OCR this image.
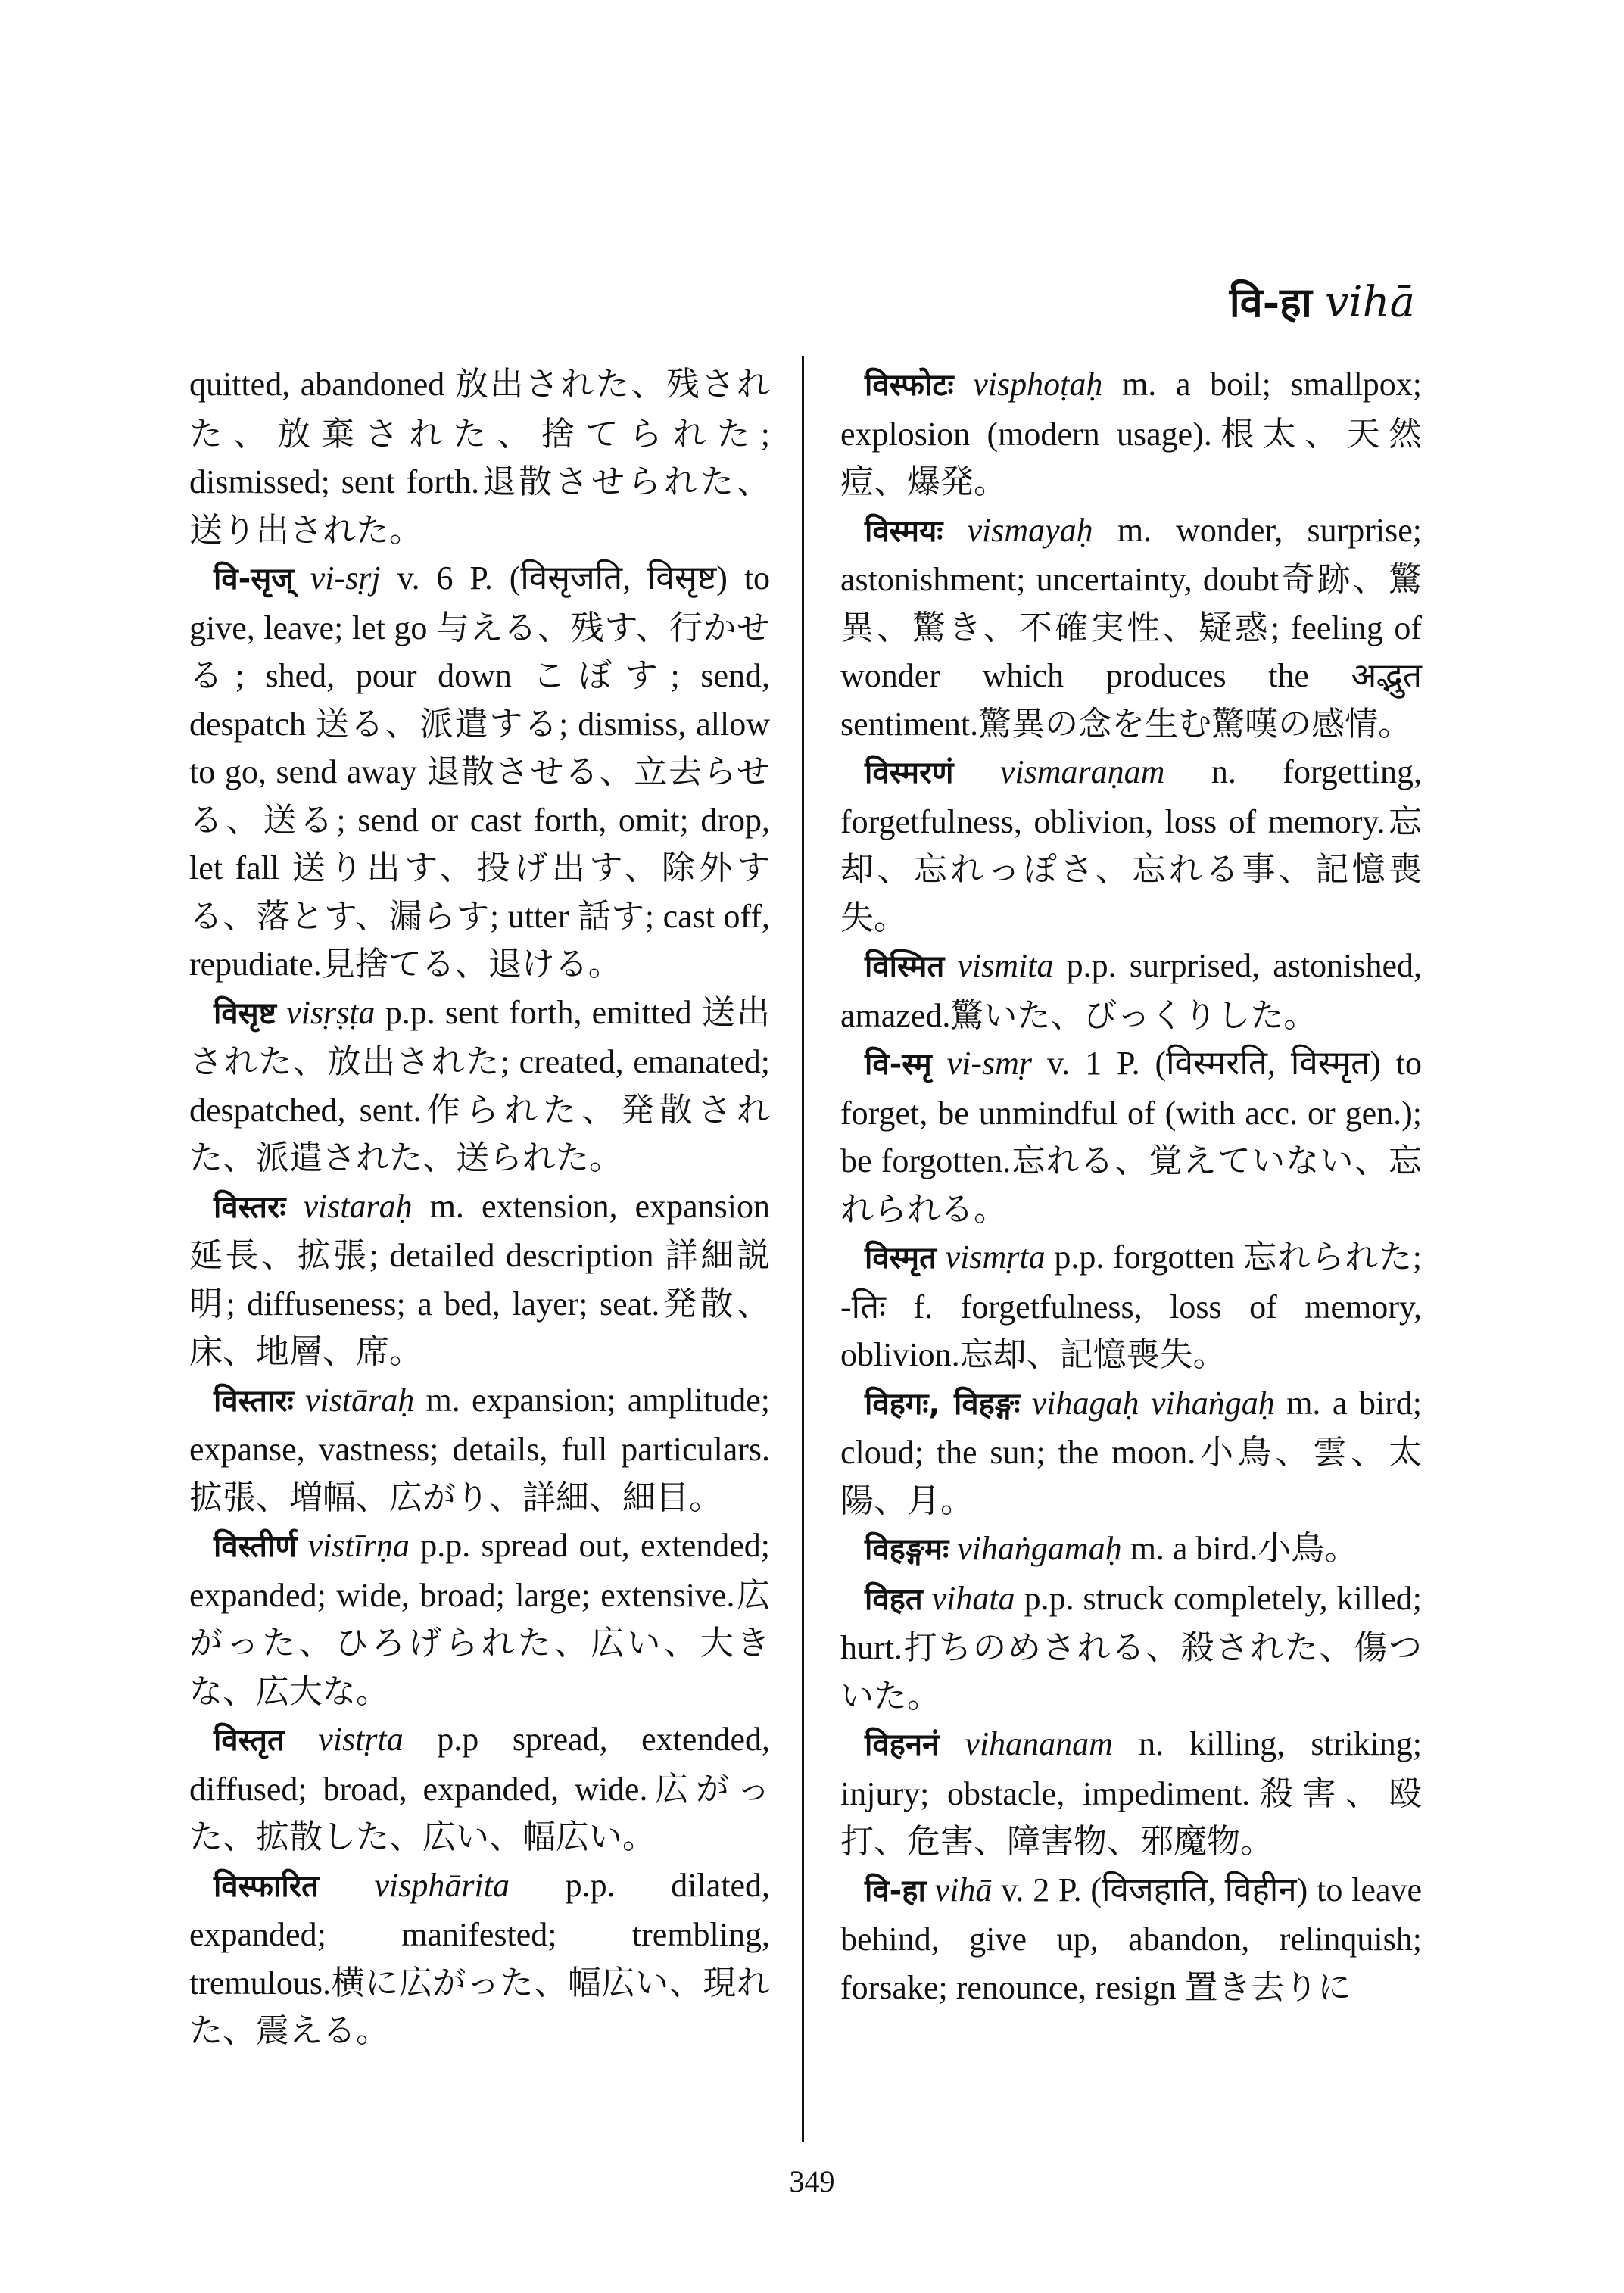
वि-हा vihā

quitted, abandoned 放出された、残された、放棄された、捨てられた; dismissed; sent forth.退散させられた、送り出された。

वि-सृज् vi-sṛj v. 6 P. (विसृजति, विसृष्ट) to give, leave; let go 与える、残す、行かせる; shed, pour down こぼす; send, despatch 送る、派遣する; dismiss, allow to go, send away 退散させる、立去らせる、送る; send or cast forth, omit; drop, let fall 送り出す、投げ出す、除外する、落とす、漏らす; utter 話す; cast off, repudiate.見捨てる、退ける。

विसृष्ट visṛṣṭa p.p. sent forth, emitted 送出された、放出された; created, emanated; despatched, sent.作られた、発散された、派遣された、送られた。

विस्तरः vistaraḥ m. extension, expansion 延長、拡張; detailed description 詳細説明; diffuseness; a bed, layer; seat.発散、床、地層、席。

विस्तारः vistāraḥ m. expansion; amplitude; expanse, vastness; details, full particulars.拡張、増幅、広がり、詳細、細目。

विस्तीर्ण vistīrṇa p.p. spread out, extended; expanded; wide, broad; large; extensive.広がった、ひろげられた、広い、大きな、広大な。

विस्तृत vistṛta p.p spread, extended, diffused; broad, expanded, wide.広がった、拡散した、広い、幅広い。

विस्फारित visphārita p.p. dilated, expanded; manifested; trembling, tremulous.横に広がった、幅広い、現れた、震える。

विस्फोटः visphoṭaḥ m. a boil; smallpox; explosion (modern usage).根太、天然痘、爆発。

विस्मयः vismayaḥ m. wonder, surprise; astonishment; uncertainty, doubt奇跡、驚異、驚き、不確実性、疑惑; feeling of wonder which produces the अद्भुत sentiment.驚異の念を生む驚嘆の感情。

विस्मरणं vismaraṇam n. forgetting, forgetfulness, oblivion, loss of memory.忘却、忘れっぽさ、忘れる事、記憶喪失。

विस्मित vismita p.p. surprised, astonished, amazed.驚いた、びっくりした。

वि-स्मृ vi-smṛ v. 1 P. (विस्मरति, विस्मृत) to forget, be unmindful of (with acc. or gen.); be forgotten.忘れる、覚えていない、忘れられる。

विस्मृत vismṛta p.p. forgotten 忘れられた; -तिः f. forgetfulness, loss of memory, oblivion.忘却、記憶喪失。

विहगः, विहङ्गः vihagaḥ vihaṅgaḥ m. a bird; cloud; the sun; the moon.小鳥、雲、太陽、月。

विहङ्गमः vihaṅgamaḥ m. a bird.小鳥。

विहत vihata p.p. struck completely, killed; hurt.打ちのめされる、殺された、傷ついた。

विहननं vihananam n. killing, striking; injury; obstacle, impediment.殺害、殴打、危害、障害物、邪魔物。

वि-हा vihā v. 2 P. (विजहाति, विहीन) to leave behind, give up, abandon, relinquish; forsake; renounce, resign 置き去りに

349
